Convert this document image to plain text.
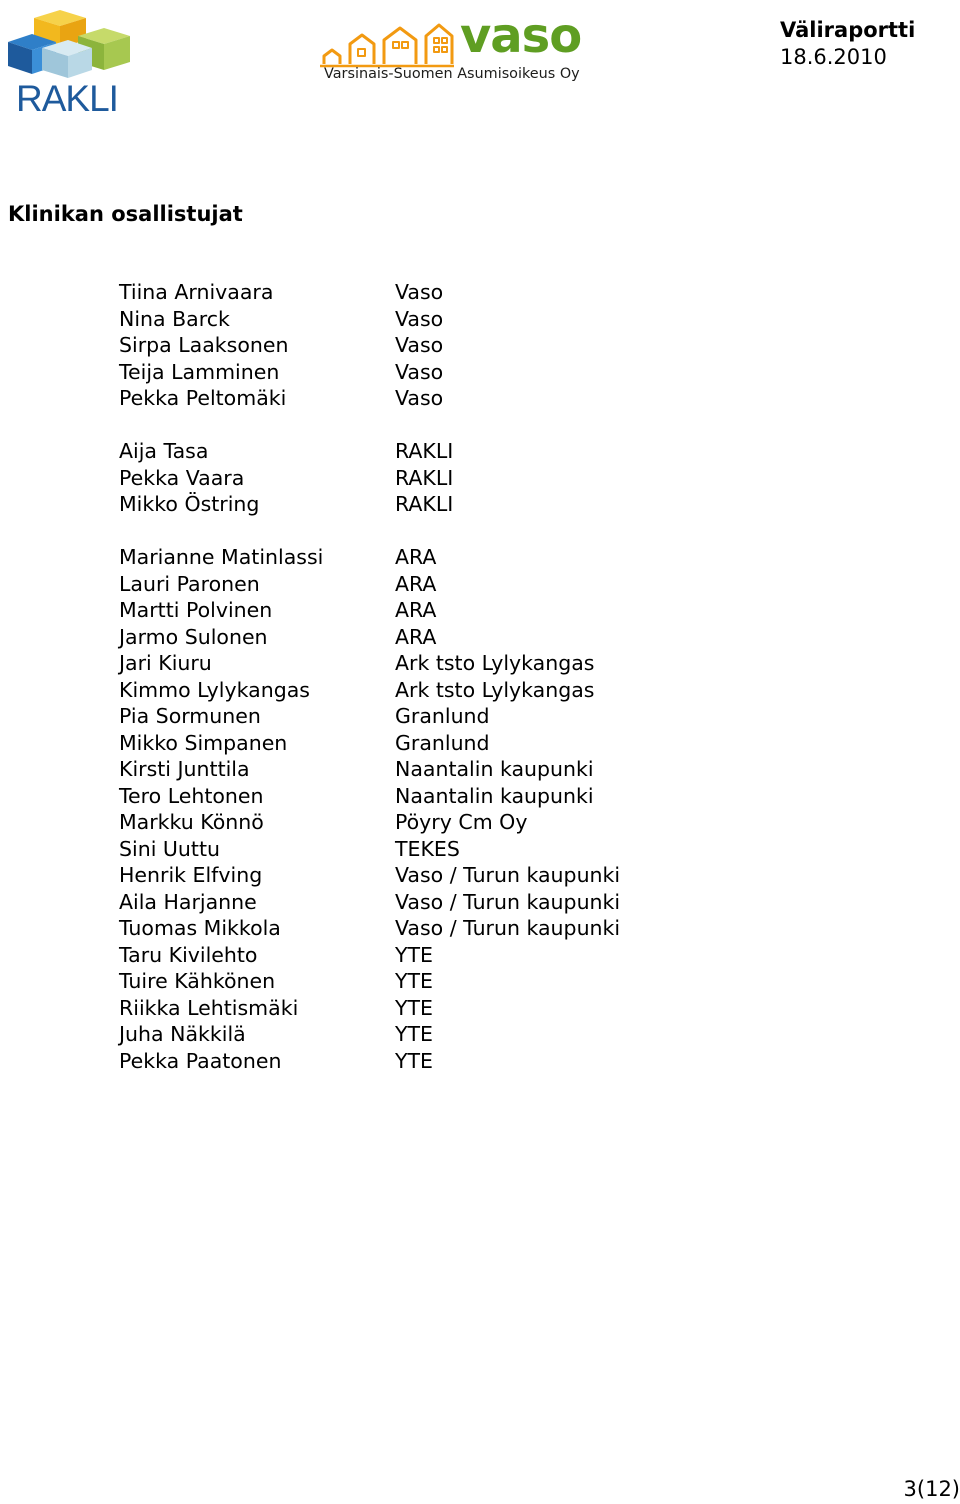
RAKLI
vaso
Varsinais-Suomen Asumisoikeus Oy
Väliraportti
18.6.2010
Klinikan osallistujat
Tiina Arnivaara	Vaso
Nina Barck	Vaso
Sirpa Laaksonen	Vaso
Teija Lamminen	Vaso
Pekka Peltomäki	Vaso
Aija Tasa	RAKLI
Pekka Vaara	RAKLI
Mikko Östring	RAKLI
Marianne Matinlassi	ARA
Lauri Paronen	ARA
Martti Polvinen	ARA
Jarmo Sulonen	ARA
Jari Kiuru	Ark tsto Lylykangas
Kimmo Lylykangas	Ark tsto Lylykangas
Pia Sormunen	Granlund
Mikko Simpanen	Granlund
Kirsti Junttila	Naantalin kaupunki
Tero Lehtonen	Naantalin kaupunki
Markku Könnö	Pöyry Cm Oy
Sini Uuttu	TEKES
Henrik Elfving	Vaso / Turun kaupunki
Aila Harjanne	Vaso / Turun kaupunki
Tuomas Mikkola	Vaso / Turun kaupunki
Taru Kivilehto	YTE
Tuire Kähkönen	YTE
Riikka Lehtismäki	YTE
Juha Näkkilä	YTE
Pekka Paatonen	YTE
3(12)
